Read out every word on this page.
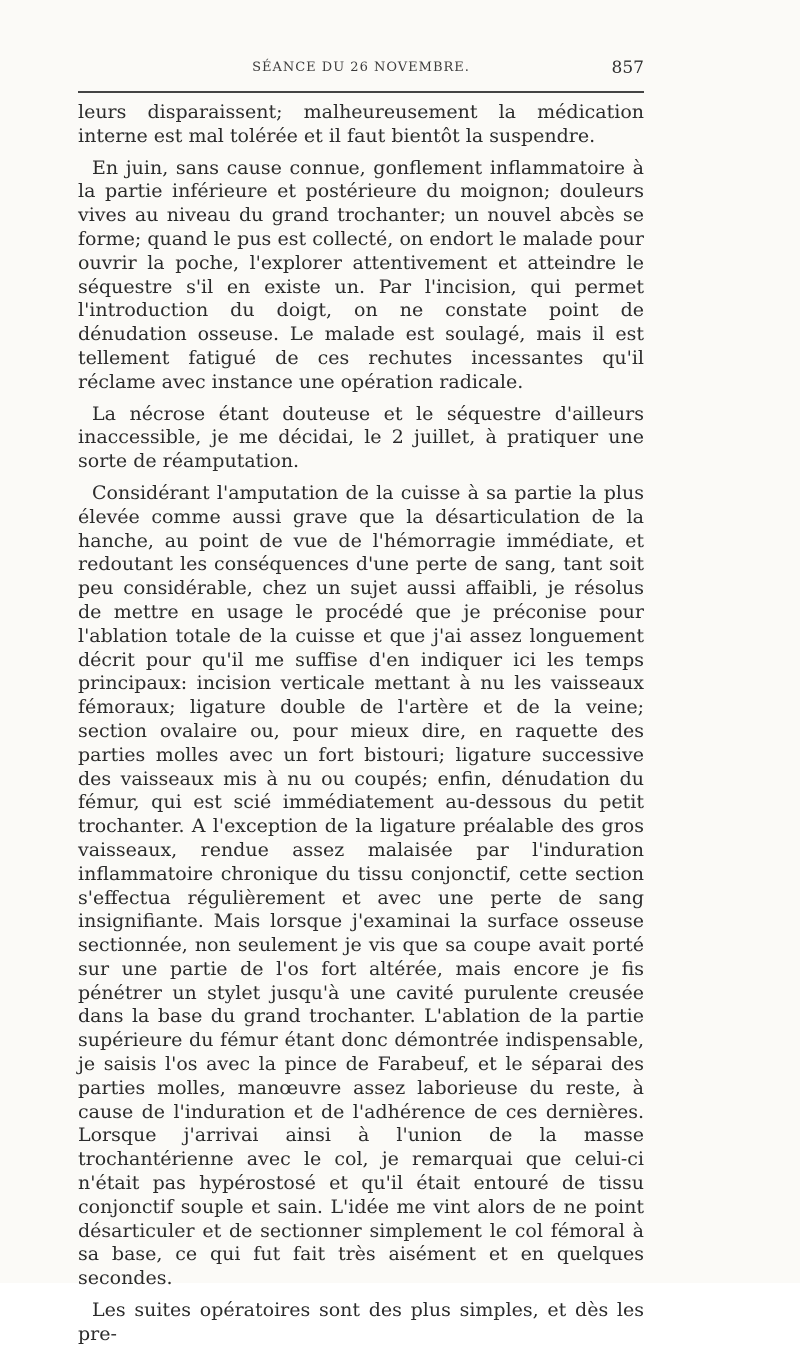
SÉANCE DU 26 NOVEMBRE.	857

leurs disparaissent; malheureusement la médication interne est mal tolérée et il faut bientôt la suspendre.

En juin, sans cause connue, gonflement inflammatoire à la partie inférieure et postérieure du moignon; douleurs vives au niveau du grand trochanter; un nouvel abcès se forme; quand le pus est collecté, on endort le malade pour ouvrir la poche, l'explorer attentivement et atteindre le séquestre s'il en existe un. Par l'incision, qui permet l'introduction du doigt, on ne constate point de dénudation osseuse. Le malade est soulagé, mais il est tellement fatigué de ces rechutes incessantes qu'il réclame avec instance une opération radicale.

La nécrose étant douteuse et le séquestre d'ailleurs inaccessible, je me décidai, le 2 juillet, à pratiquer une sorte de réamputation.

Considérant l'amputation de la cuisse à sa partie la plus élevée comme aussi grave que la désarticulation de la hanche, au point de vue de l'hémorragie immédiate, et redoutant les conséquences d'une perte de sang, tant soit peu considérable, chez un sujet aussi affaibli, je résolus de mettre en usage le procédé que je préconise pour l'ablation totale de la cuisse et que j'ai assez longuement décrit pour qu'il me suffise d'en indiquer ici les temps principaux: incision verticale mettant à nu les vaisseaux fémoraux; ligature double de l'artère et de la veine; section ovalaire ou, pour mieux dire, en raquette des parties molles avec un fort bistouri; ligature successive des vaisseaux mis à nu ou coupés; enfin, dénudation du fémur, qui est scié immédiatement au-dessous du petit trochanter. A l'exception de la ligature préalable des gros vaisseaux, rendue assez malaisée par l'induration inflammatoire chronique du tissu conjonctif, cette section s'effectua régulièrement et avec une perte de sang insignifiante. Mais lorsque j'examinai la surface osseuse sectionnée, non seulement je vis que sa coupe avait porté sur une partie de l'os fort altérée, mais encore je fis pénétrer un stylet jusqu'à une cavité purulente creusée dans la base du grand trochanter. L'ablation de la partie supérieure du fémur étant donc démontrée indispensable, je saisis l'os avec la pince de Farabeuf, et le séparai des parties molles, manœuvre assez laborieuse du reste, à cause de l'induration et de l'adhérence de ces dernières. Lorsque j'arrivai ainsi à l'union de la masse trochantérienne avec le col, je remarquai que celui-ci n'était pas hypérostosé et qu'il était entouré de tissu conjonctif souple et sain. L'idée me vint alors de ne point désarticuler et de sectionner simplement le col fémoral à sa base, ce qui fut fait très aisément et en quelques secondes.

Les suites opératoires sont des plus simples, et dès les pre-
